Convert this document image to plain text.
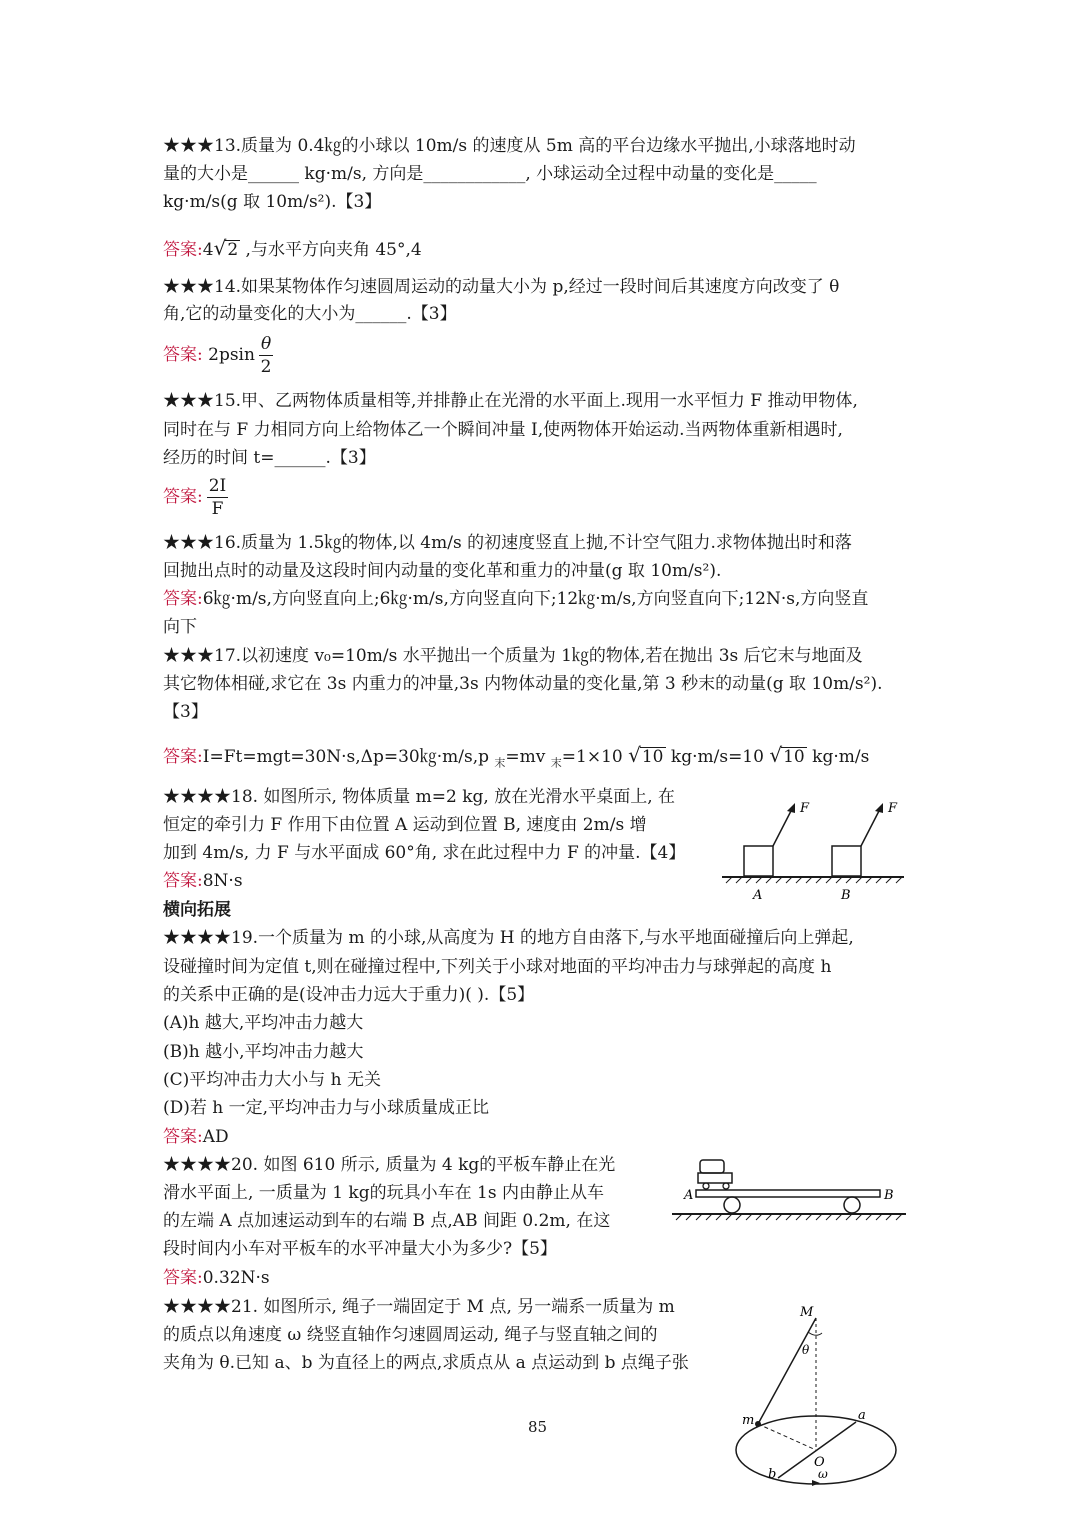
★★★13.质量为 0.4㎏的小球以 10m/s 的速度从 5m 高的平台边缘水平抛出,小球落地时动
量的大小是______ kg·m/s, 方向是____________, 小球运动全过程中动量的变化是_____
kg·m/s(g 取 10m/s²).【3】
答案:4√2 ,与水平方向夹角 45°,4
★★★14.如果某物体作匀速圆周运动的动量大小为 p,经过一段时间后其速度方向改变了 θ
角,它的动量变化的大小为______.【3】
答案: $2psin \frac{\theta}{2}$
★★★15.甲、乙两物体质量相等,并排静止在光滑的水平面上.现用一水平恒力 F 推动甲物体,
同时在与 F 力相同方向上给物体乙一个瞬间冲量 I,使两物体开始运动.当两物体重新相遇时,
经历的时间 t=______.【3】
答案: $\frac{2I}{F}$
★★★16.质量为 1.5㎏的物体,以 4m/s 的初速度竖直上抛,不计空气阻力.求物体抛出时和落
回抛出点时的动量及这段时间内动量的变化革和重力的冲量(g 取 10m/s²).
答案:6㎏·m/s,方向竖直向上;6㎏·m/s,方向竖直向下;12㎏·m/s,方向竖直向下;12N·s,方向竖直
向下
★★★17.以初速度 v₀=10m/s 水平抛出一个质量为 1㎏的物体,若在抛出 3s 后它末与地面及
其它物体相碰,求它在 3s 内重力的冲量,3s 内物体动量的变化量,第 3 秒末的动量(g 取 10m/s²).
【3】
答案:I=Ft=mgt=30N·s,Δp=30㎏·m/s,p $_末$=mv $_末$=1×10 √10 kg·m/s=10 √10 kg·m/s
★★★★18. 如图所示, 物体质量 m=2 kg, 放在光滑水平桌面上, 在
恒定的牵引力 F 作用下由位置 A 运动到位置 B, 速度由 2m/s 增
加到 4m/s, 力 F 与水平面成 60°角, 求在此过程中力 F 的冲量.【4】
答案:8N·s
F	F
A	B
横向拓展
★★★★19.一个质量为 m 的小球,从高度为 H 的地方自由落下,与水平地面碰撞后向上弹起,
设碰撞时间为定值 t,则在碰撞过程中,下列关于小球对地面的平均冲击力与球弹起的高度 h
的关系中正确的是(设冲击力远大于重力)( ).【5】
(A)h 越大,平均冲击力越大
(B)h 越小,平均冲击力越大
(C)平均冲击力大小与 h 无关
(D)若 h 一定,平均冲击力与小球质量成正比
答案:AD
★★★★20. 如图 610 所示, 质量为 4 kg的平板车静止在光
滑水平面上, 一质量为 1 kg的玩具小车在 1s 内由静止从车
的左端 A 点加速运动到车的右端 B 点,AB 间距 0.2m, 在这
段时间内小车对平板车的水平冲量大小为多少?【5】
答案:0.32N·s
A	B
★★★★21. 如图所示, 绳子一端固定于 M 点, 另一端系一质量为 m
的质点以角速度 ω 绕竖直轴作匀速圆周运动, 绳子与竖直轴之间的
夹角为 θ.已知 a、b 为直径上的两点,求质点从 a 点运动到 b 点绳子张
M
θ
m	a
O
b	ω
85
